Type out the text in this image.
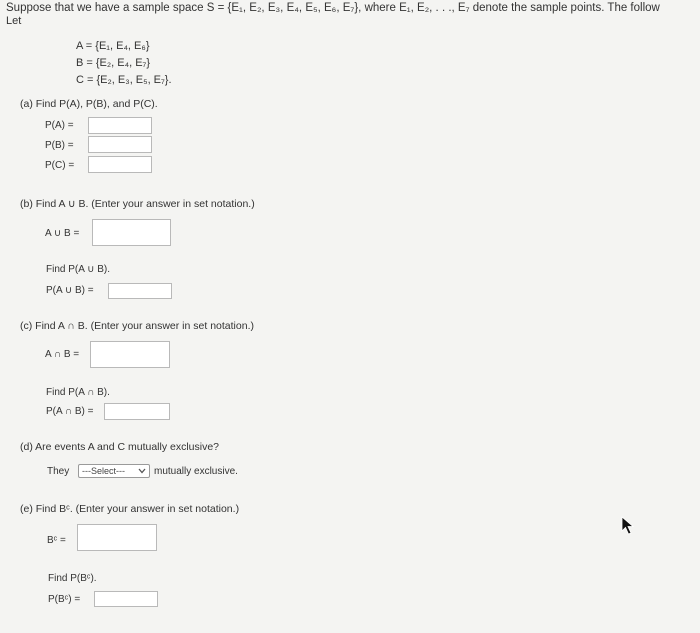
Suppose that we have a sample space S = {E₁, E₂, E₃, E₄, E₅, E₆, E₇}, where E₁, E₂, . . ., E₇ denote the sample points. The follow
Let
A = {E₁, E₄, E₆}
B = {E₂, E₄, E₇}
C = {E₂, E₃, E₅, E₇}.
(a) Find P(A), P(B), and P(C).
P(A) =
P(B) =
P(C) =
(b) Find A ∪ B. (Enter your answer in set notation.)
A ∪ B =
Find P(A ∪ B).
P(A ∪ B) =
(c) Find A ∩ B. (Enter your answer in set notation.)
A ∩ B =
Find P(A ∩ B).
P(A ∩ B) =
(d) Are events A and C mutually exclusive?
They	---Select---	mutually exclusive.
(e) Find Bᶜ. (Enter your answer in set notation.)
Bᶜ =
Find P(Bᶜ).
P(Bᶜ) =
